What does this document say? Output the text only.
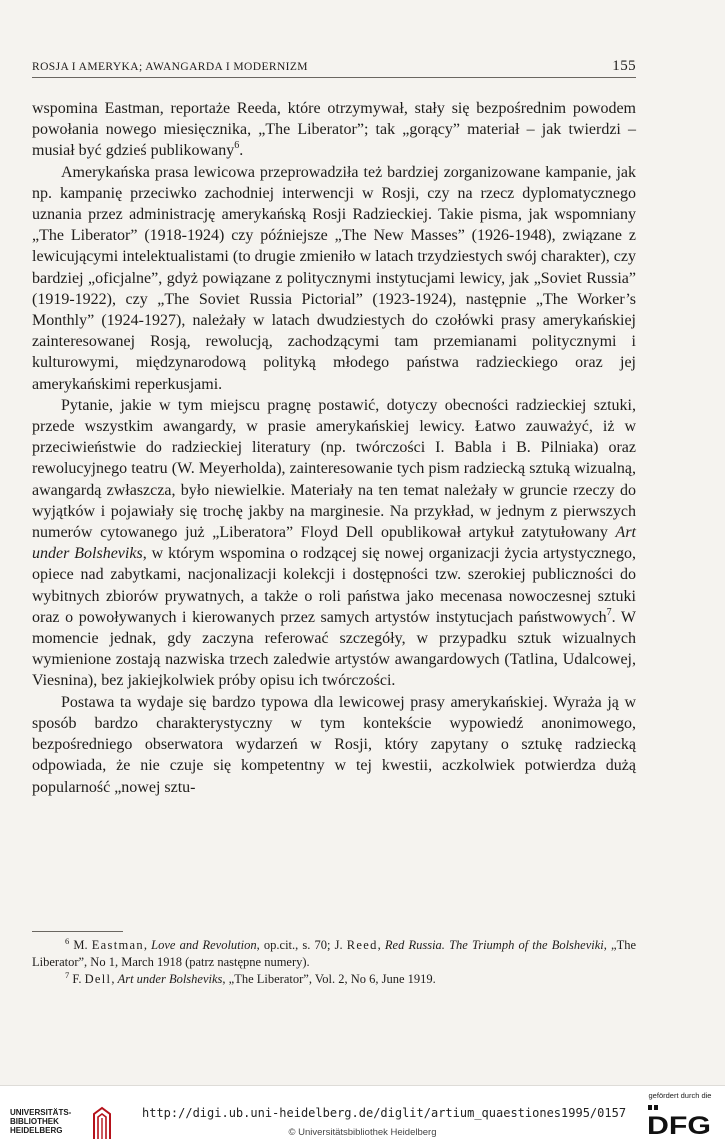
ROSJA I AMERYKA; AWANGARDA I MODERNIZM	155

wspomina Eastman, reportaże Reeda, które otrzymywał, stały się bezpośrednim powodem powołania nowego miesięcznika, „The Liberator”; tak „gorący” materiał – jak twierdzi – musiał być gdzieś publikowany$^6$.

Amerykańska prasa lewicowa przeprowadziła też bardziej zorganizowane kampanie, jak np. kampanię przeciwko zachodniej interwencji w Rosji, czy na rzecz dyplomatycznego uznania przez administrację amerykańską Rosji Radzieckiej. Takie pisma, jak wspomniany „The Liberator” (1918-1924) czy późniejsze „The New Masses” (1926-1948), związane z lewicującymi intelektualistami (to drugie zmieniło w latach trzydziestych swój charakter), czy bardziej „oficjalne”, gdyż powiązane z politycznymi instytucjami lewicy, jak „Soviet Russia” (1919-1922), czy „The Soviet Russia Pictorial” (1923-1924), następnie „The Worker’s Monthly” (1924-1927), należały w latach dwudziestych do czołówki prasy amerykańskiej zainteresowanej Rosją, rewolucją, zachodzącymi tam przemianami politycznymi i kulturowymi, międzynarodową polityką młodego państwa radzieckiego oraz jej amerykańskimi reperkusjami.

Pytanie, jakie w tym miejscu pragnę postawić, dotyczy obecności radzieckiej sztuki, przede wszystkim awangardy, w prasie amerykańskiej lewicy. Łatwo zauważyć, iż w przeciwieństwie do radzieckiej literatury (np. twórczości I. Babla i B. Pilniaka) oraz rewolucyjnego teatru (W. Meyerholda), zainteresowanie tych pism radziecką sztuką wizualną, awangardą zwłaszcza, było niewielkie. Materiały na ten temat należały w gruncie rzeczy do wyjątków i pojawiały się trochę jakby na marginesie. Na przykład, w jednym z pierwszych numerów cytowanego już „Liberatora” Floyd Dell opublikował artykuł zatytułowany Art under Bolsheviks, w którym wspomina o rodzącej się nowej organizacji życia artystycznego, opiece nad zabytkami, nacjonalizacji kolekcji i dostępności tzw. szerokiej publiczności do wybitnych zbiorów prywatnych, a także o roli państwa jako mecenasa nowoczesnej sztuki oraz o powoływanych i kierowanych przez samych artystów instytucjach państwowych$^7$. W momencie jednak, gdy zaczyna referować szczegóły, w przypadku sztuk wizualnych wymienione zostają nazwiska trzech zaledwie artystów awangardowych (Tatlina, Udalcowej, Viesnina), bez jakiejkolwiek próby opisu ich twórczości.

Postawa ta wydaje się bardzo typowa dla lewicowej prasy amerykańskiej. Wyraża ją w sposób bardzo charakterystyczny w tym kontekście wypowiedź anonimowego, bezpośredniego obserwatora wydarzeń w Rosji, który zapytany o sztukę radziecką odpowiada, że nie czuje się kompetentny w tej kwestii, aczkolwiek potwierdza dużą popularność „nowej sztu-

$^6$ M. Eastman, Love and Revolution, op.cit., s. 70; J. Reed, Red Russia. The Triumph of the Bolsheviki, „The Liberator”, No 1, March 1918 (patrz następne numery).

$^7$ F. Dell, Art under Bolsheviks, „The Liberator”, Vol. 2, No 6, June 1919.

UNIVERSITÄTS-
BIBLIOTHEK
HEIDELBERG
http://digi.ub.uni-heidelberg.de/diglit/artium_quaestiones1995/0157
© Universitätsbibliothek Heidelberg
gefördert durch die
DFG
